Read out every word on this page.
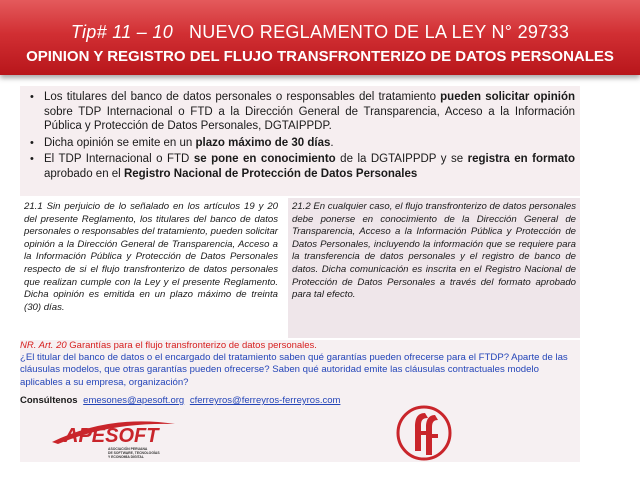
Tip# 11 – 10 NUEVO REGLAMENTO DE LA LEY N° 29733
OPINION Y REGISTRO DEL FLUJO TRANSFRONTERIZO DE DATOS PERSONALES
• Los titulares del banco de datos personales o responsables del tratamiento pueden solicitar opinión sobre TDP Internacional o FTD a la Dirección General de Transparencia, Acceso a la Información Pública y Protección de Datos Personales, DGTAIPPDP.
• Dicha opinión se emite en un plazo máximo de 30 días.
• El TDP Internacional o FTD se pone en conocimiento de la DGTAIPPDP y se registra en formato aprobado en el Registro Nacional de Protección de Datos Personales
21.1 Sin perjuicio de lo señalado en los artículos 19 y 20 del presente Reglamento, los titulares del banco de datos personales o responsables del tratamiento, pueden solicitar opinión a la Dirección General de Transparencia, Acceso a la Información Pública y Protección de Datos Personales respecto de si el flujo transfronterizo de datos personales que realizan cumple con la Ley y el presente Reglamento. Dicha opinión es emitida en un plazo máximo de treinta (30) días.
21.2 En cualquier caso, el flujo transfronterizo de datos personales debe ponerse en conocimiento de la Dirección General de Transparencia, Acceso a la Información Pública y Protección de Datos Personales, incluyendo la información que se requiere para la transferencia de datos personales y el registro de banco de datos. Dicha comunicación es inscrita en el Registro Nacional de Protección de Datos Personales a través del formato aprobado para tal efecto.
NR. Art. 20 Garantías para el flujo transfronterizo de datos personales.
¿El titular del banco de datos o el encargado del tratamiento saben qué garantías pueden ofrecerse para el FTDP? Aparte de las cláusulas modelos, que otras garantías pueden ofrecerse? Saben qué autoridad emite las cláusulas contractuales modelo aplicables a su empresa, organización?
Consúltenos emesones@apesoft.org cferreyros@ferreyros-ferreyros.com
APESOFT
ASOCIACIÓN PERUANA
DE SOFTWARE, TECNOLOGÍAS
Y ECONOMÍA DIGITAL
